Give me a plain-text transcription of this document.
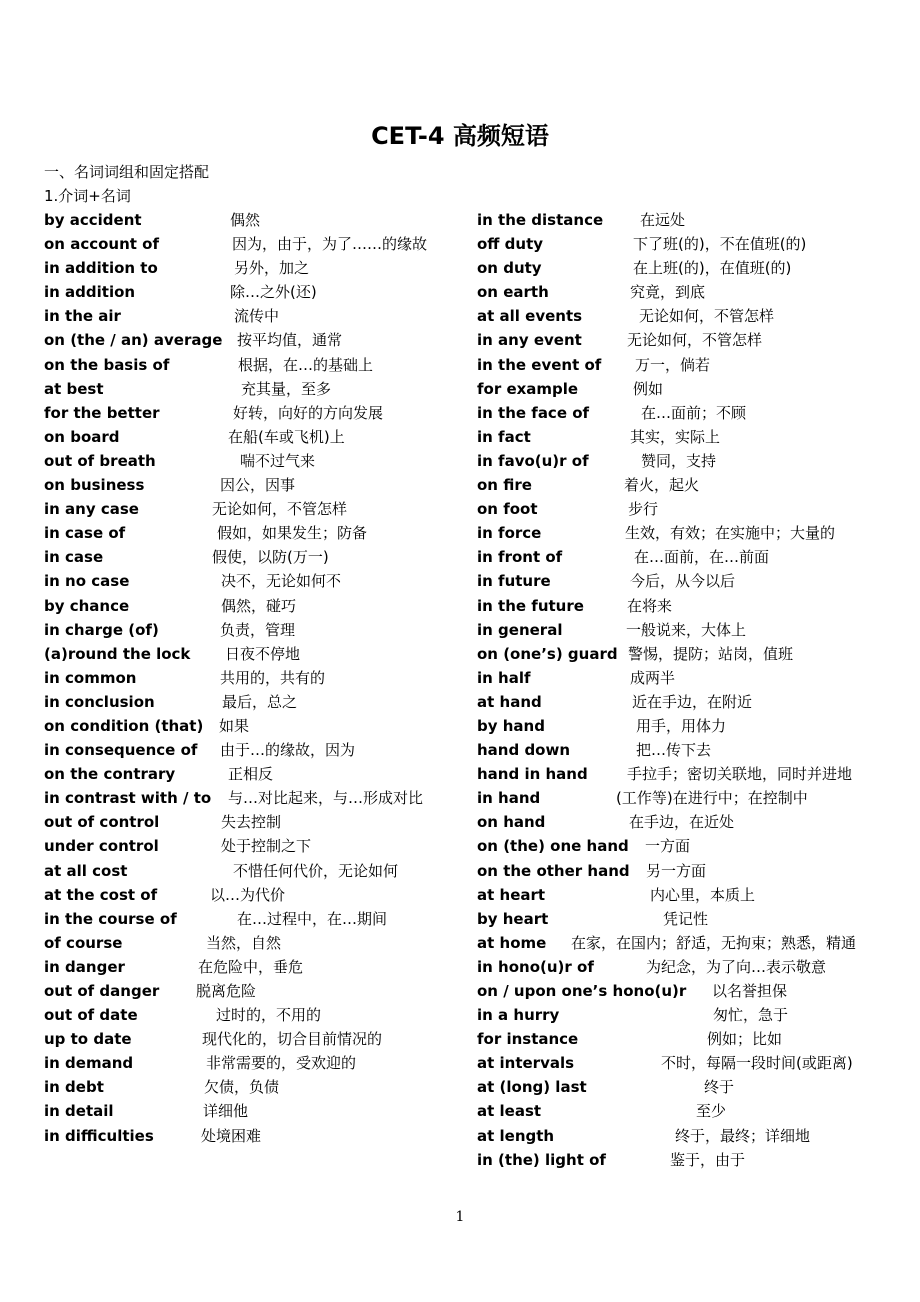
CET-4 高频短语
一、名词词组和固定搭配
1.介词+名词
by accident	偶然
on account of	因为，由于，为了……的缘故
in addition to	另外，加之
in addition	除…之外(还)
in the air	流传中
on (the / an) average 按平均值，通常
on the basis of	根据，在…的基础上
at best	充其量，至多
for the better	好转，向好的方向发展
on board	在船(车或飞机)上
out of breath	喘不过气来
on business	因公，因事
in any case	无论如何，不管怎样
in case of	假如，如果发生；防备
in case	假使，以防(万一)
in no case	决不，无论如何不
by chance	偶然，碰巧
in charge (of)	负责，管理
(a)round the lock 日夜不停地
in common	共用的，共有的
in conclusion	最后，总之
on condition (that) 如果
in consequence of 由于…的缘故，因为
on the contrary	正相反
in contrast with / to 与…对比起来，与…形成对比
out of control	失去控制
under control	处于控制之下
at all cost	不惜任何代价，无论如何
at the cost of	以…为代价
in the course of	在…过程中，在…期间
of course	当然，自然
in danger	在危险中，垂危
out of danger 脱离危险
out of date	过时的，不用的
up to date	现代化的，切合目前情况的
in demand	非常需要的，受欢迎的
in debt	欠债，负债
in detail	详细他
in difficulties	处境困难
in the distance 在远处
off duty	下了班(的)，不在值班(的)
on duty	在上班(的)，在值班(的)
on earth	究竟，到底
at all events	无论如何，不管怎样
in any event	无论如何，不管怎样
in the event of 万一，倘若
for example	例如
in the face of	在…面前；不顾
in fact	其实，实际上
in favo(u)r of	赞同，支持
on fire	着火，起火
on foot	步行
in force	生效，有效；在实施中；大量的
in front of	在…面前，在…前面
in future	今后，从今以后
in the future	在将来
in general	一般说来，大体上
on (one’s) guard 警惕，提防；站岗，值班
in half	成两半
at hand	近在手边，在附近
by hand	用手，用体力
hand down	把…传下去
hand in hand	手拉手；密切关联地，同时并进地
in hand	(工作等)在进行中；在控制中
on hand	在手边，在近处
on (the) one hand 一方面
on the other hand 另一方面
at heart	内心里，本质上
by heart	凭记性
at home 在家，在国内；舒适，无拘束；熟悉，精通
in hono(u)r of	为纪念，为了向…表示敬意
on / upon one’s hono(u)r 以名誉担保
in a hurry	匆忙，急于
for instance	例如；比如
at intervals	不时，每隔一段时间(或距离)
at (long) last	终于
at least	至少
at length	终于，最终；详细地
in (the) light of	鉴于，由于
1
